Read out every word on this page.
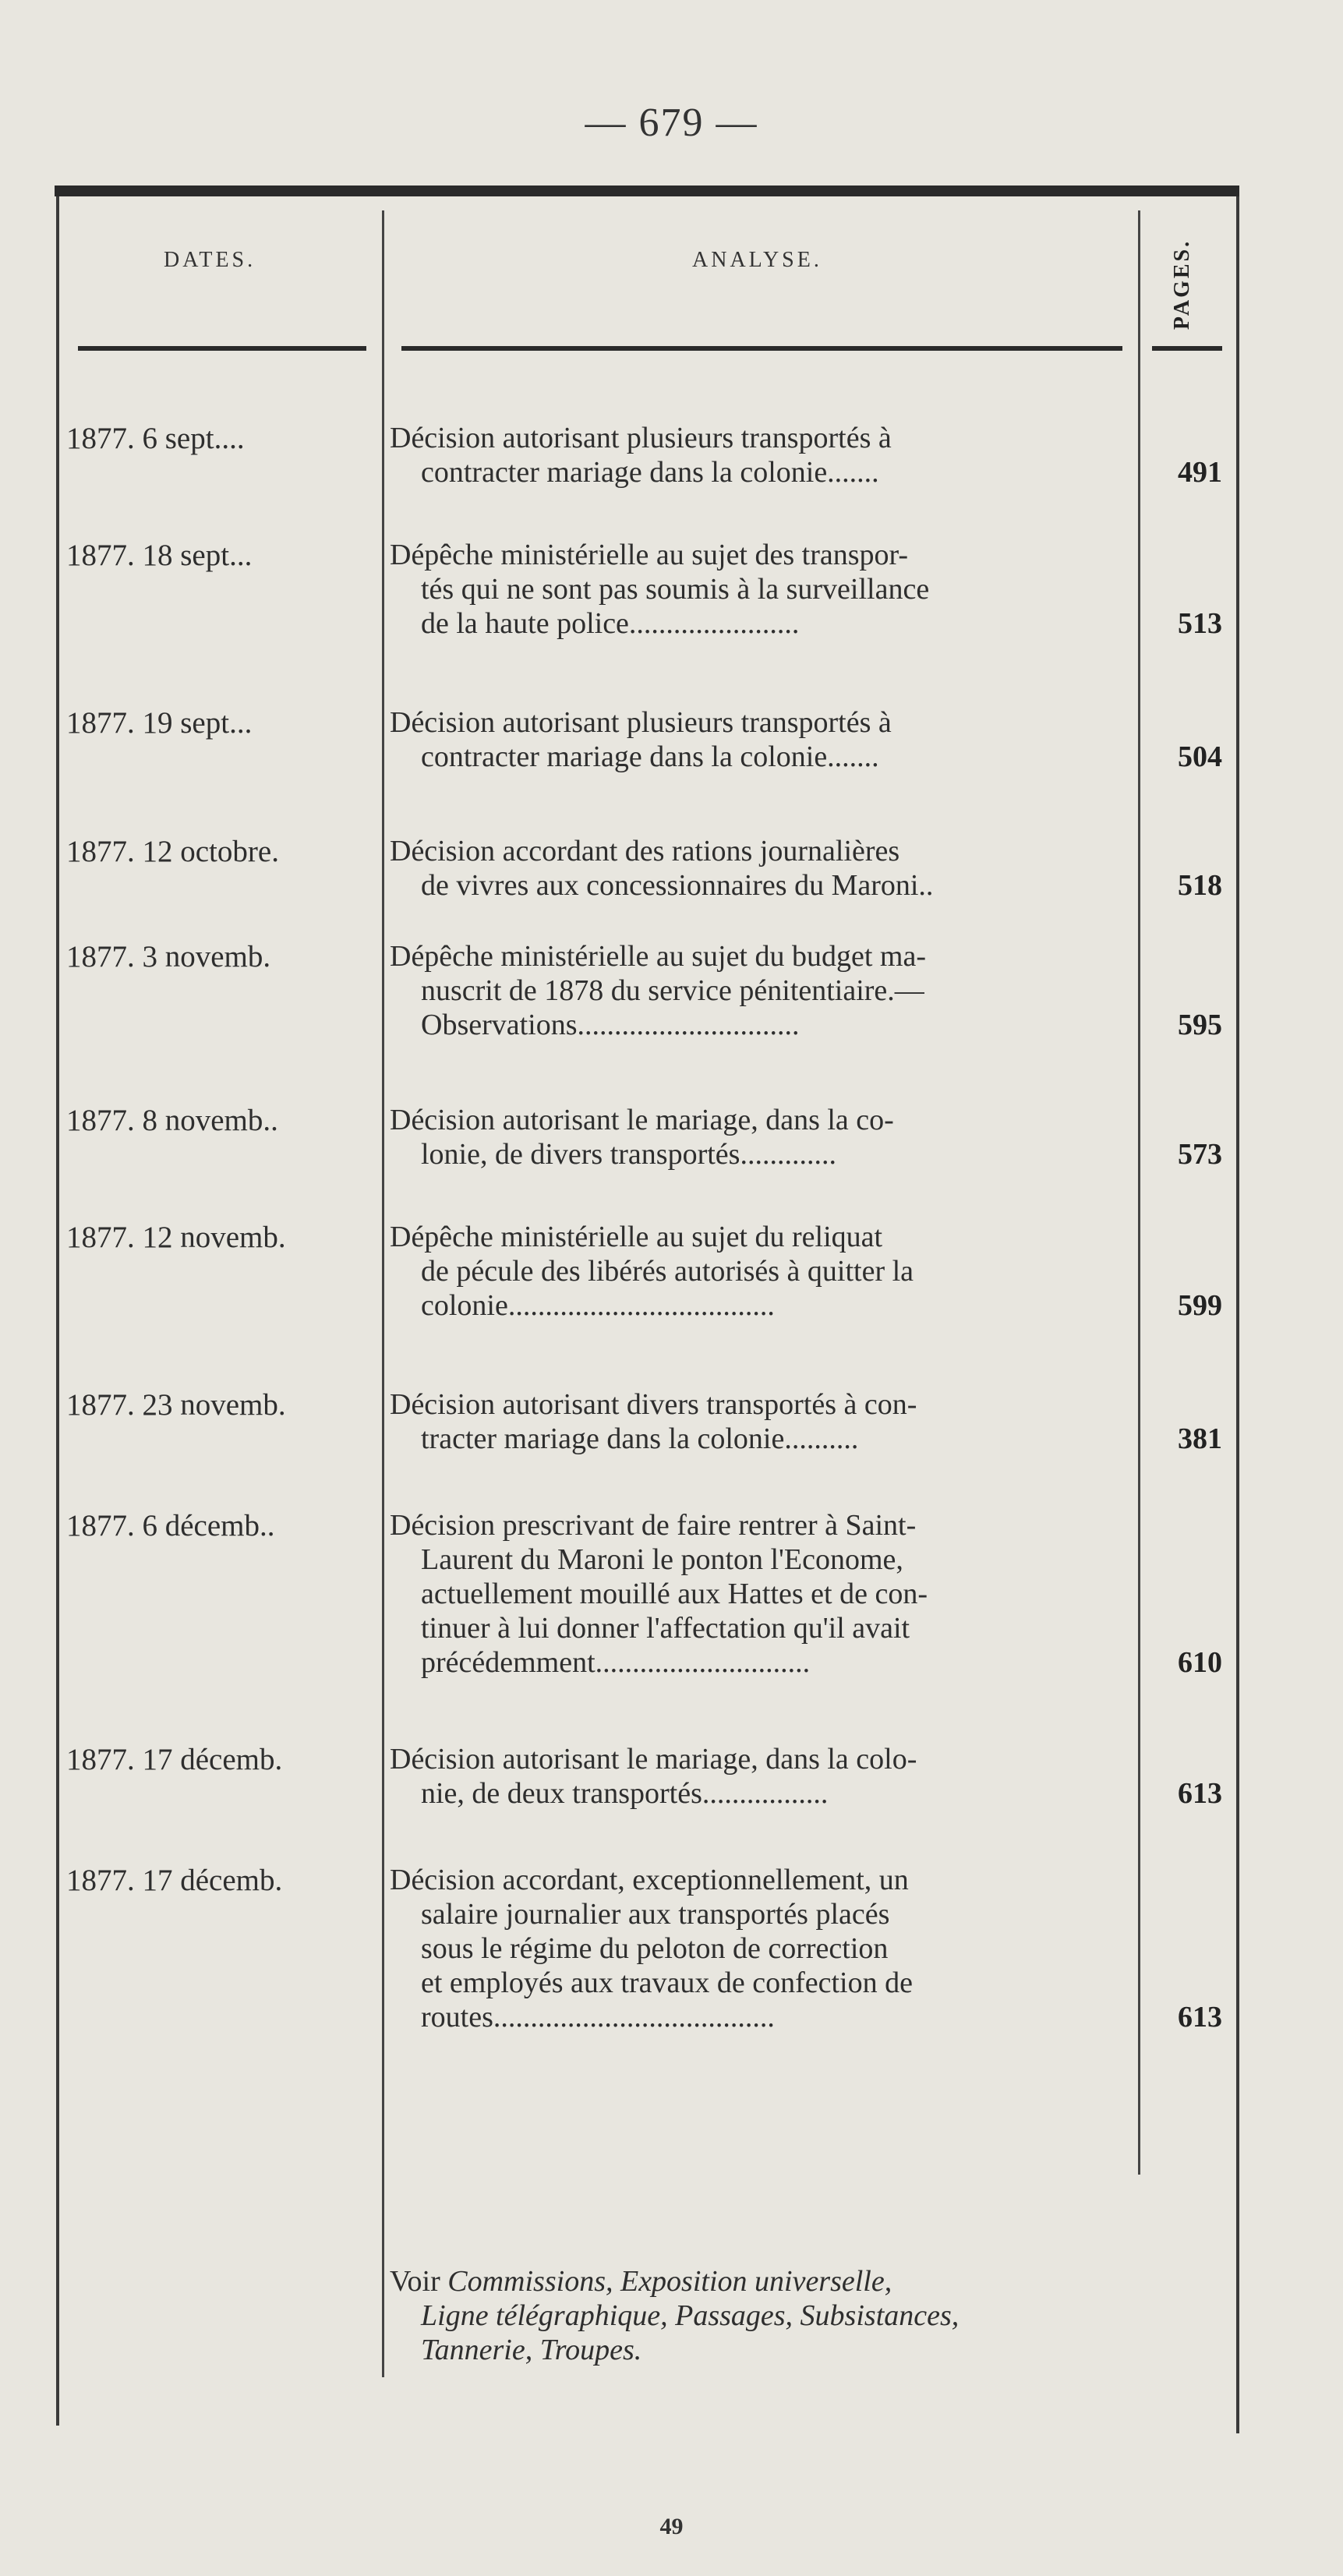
— 679 —
DATES.	ANALYSE.	PAGES.
1877. 6 sept....	Décision autorisant plusieurs transportés à
contracter mariage dans la colonie.......	491
1877. 18 sept...	Dépêche ministérielle au sujet des transpor-
tés qui ne sont pas soumis à la surveillance
de la haute police.......................	513
1877. 19 sept...	Décision autorisant plusieurs transportés à
contracter mariage dans la colonie.......	504
1877. 12 octobre.	Décision accordant des rations journalières
de vivres aux concessionnaires du Maroni..	518
1877. 3 novemb.	Dépêche ministérielle au sujet du budget ma-
nuscrit de 1878 du service pénitentiaire.—
Observations..............................	595
1877. 8 novemb..	Décision autorisant le mariage, dans la co-
lonie, de divers transportés.............	573
1877. 12 novemb.	Dépêche ministérielle au sujet du reliquat
de pécule des libérés autorisés à quitter la
colonie....................................	599
1877. 23 novemb.	Décision autorisant divers transportés à con-
tracter mariage dans la colonie..........	381
1877. 6 décemb..	Décision prescrivant de faire rentrer à Saint-
Laurent du Maroni le ponton l'Econome,
actuellement mouillé aux Hattes et de con-
tinuer à lui donner l'affectation qu'il avait
précédemment.............................	610
1877. 17 décemb.	Décision autorisant le mariage, dans la colo-
nie, de deux transportés.................	613
1877. 17 décemb.	Décision accordant, exceptionnellement, un
salaire journalier aux transportés placés
sous le régime du peloton de correction
et employés aux travaux de confection de
routes......................................	613
Voir Commissions, Exposition universelle,
Ligne télégraphique, Passages, Subsistances,
Tannerie, Troupes.
49
